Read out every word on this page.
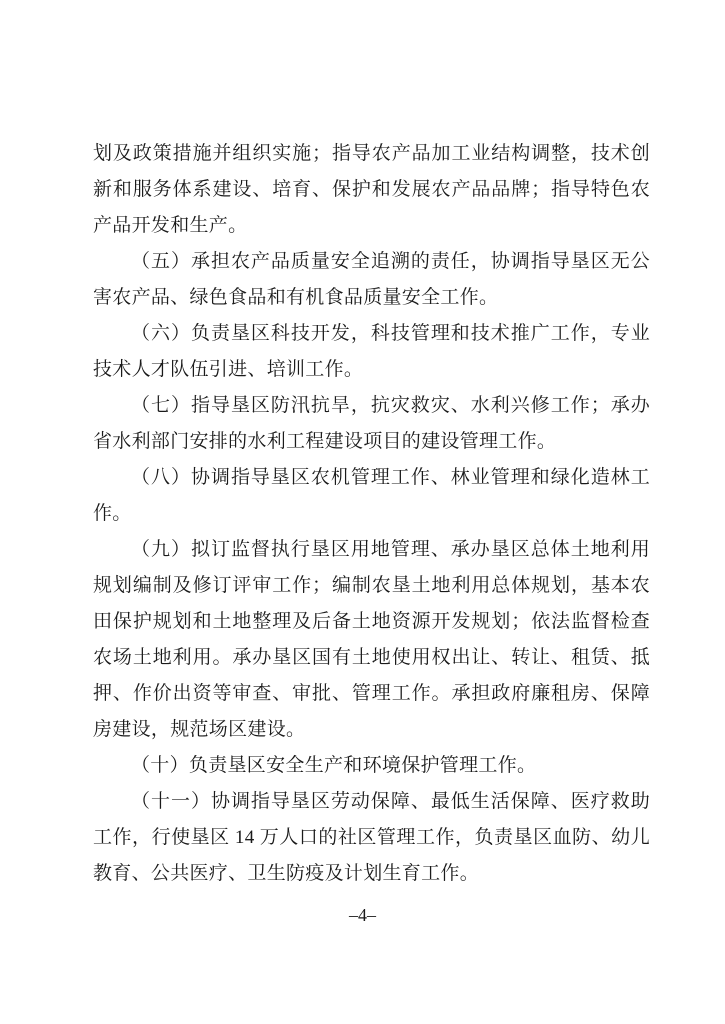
划及政策措施并组织实施；指导农产品加工业结构调整，技术创
新和服务体系建设、培育、保护和发展农产品品牌；指导特色农
产品开发和生产。
（五）承担农产品质量安全追溯的责任，协调指导垦区无公
害农产品、绿色食品和有机食品质量安全工作。
（六）负责垦区科技开发，科技管理和技术推广工作，专业
技术人才队伍引进、培训工作。
（七）指导垦区防汛抗旱，抗灾救灾、水利兴修工作；承办
省水利部门安排的水利工程建设项目的建设管理工作。
（八）协调指导垦区农机管理工作、林业管理和绿化造林工
作。
（九）拟订监督执行垦区用地管理、承办垦区总体土地利用
规划编制及修订评审工作；编制农垦土地利用总体规划，基本农
田保护规划和土地整理及后备土地资源开发规划；依法监督检查
农场土地利用。承办垦区国有土地使用权出让、转让、租赁、抵
押、作价出资等审查、审批、管理工作。承担政府廉租房、保障
房建设，规范场区建设。
（十）负责垦区安全生产和环境保护管理工作。
（十一）协调指导垦区劳动保障、最低生活保障、医疗救助
工作，行使垦区 14 万人口的社区管理工作，负责垦区血防、幼儿
教育、公共医疗、卫生防疫及计划生育工作。
–4–
